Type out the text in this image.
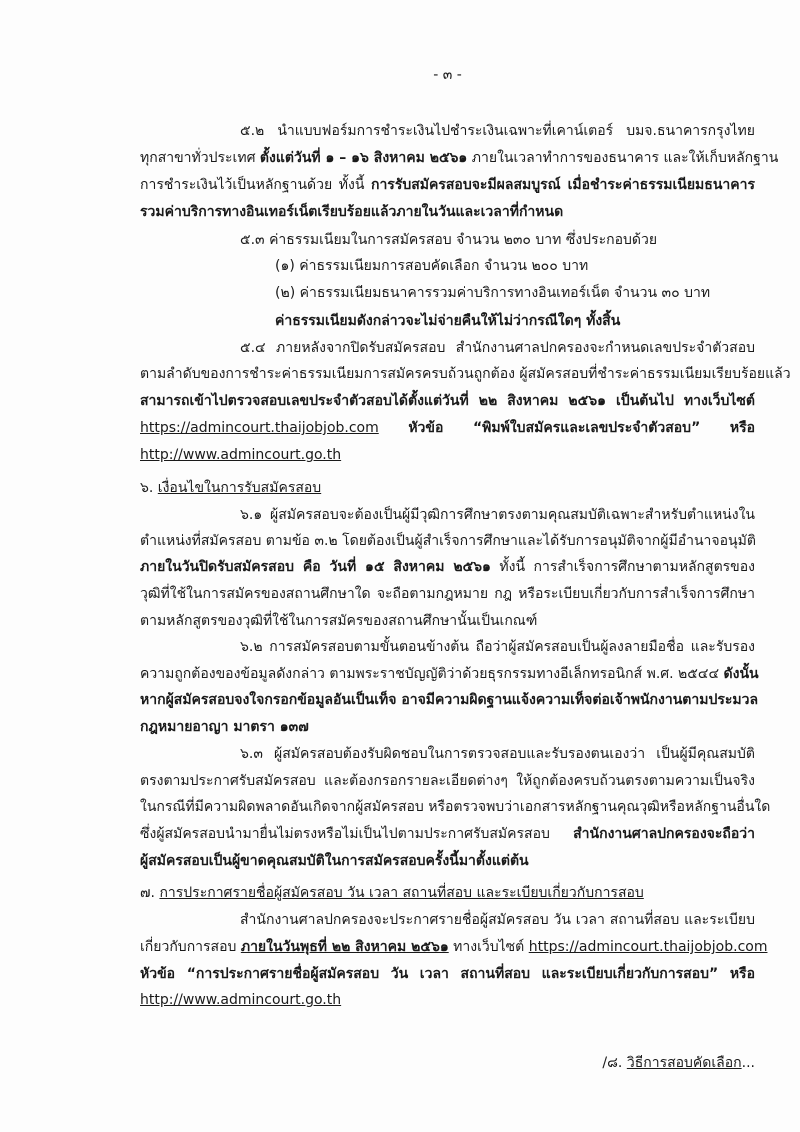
- ๓ -
๕.๒ นำแบบฟอร์มการชำระเงินไปชำระเงินเฉพาะที่เคาน์เตอร์ บมจ.ธนาคารกรุงไทย
ทุกสาขาทั่วประเทศ ตั้งแต่วันที่ ๑ – ๑๖ สิงหาคม ๒๕๖๑ ภายในเวลาทำการของธนาคาร และให้เก็บหลักฐาน
การชำระเงินไว้เป็นหลักฐานด้วย ทั้งนี้ การรับสมัครสอบจะมีผลสมบูรณ์ เมื่อชำระค่าธรรมเนียมธนาคาร
รวมค่าบริการทางอินเทอร์เน็ตเรียบร้อยแล้วภายในวันและเวลาที่กำหนด
๕.๓ ค่าธรรมเนียมในการสมัครสอบ จำนวน ๒๓๐ บาท ซึ่งประกอบด้วย
(๑) ค่าธรรมเนียมการสอบคัดเลือก จำนวน ๒๐๐ บาท
(๒) ค่าธรรมเนียมธนาคารรวมค่าบริการทางอินเทอร์เน็ต จำนวน ๓๐ บาท
ค่าธรรมเนียมดังกล่าวจะไม่จ่ายคืนให้ไม่ว่ากรณีใดๆ ทั้งสิ้น
๕.๔ ภายหลังจากปิดรับสมัครสอบ สำนักงานศาลปกครองจะกำหนดเลขประจำตัวสอบ
ตามลำดับของการชำระค่าธรรมเนียมการสมัครครบถ้วนถูกต้อง ผู้สมัครสอบที่ชำระค่าธรรมเนียมเรียบร้อยแล้ว
สามารถเข้าไปตรวจสอบเลขประจำตัวสอบได้ตั้งแต่วันที่ ๒๒ สิงหาคม ๒๕๖๑ เป็นต้นไป ทางเว็บไซต์
https://admincourt.thaijobjob.com หัวข้อ “พิมพ์ใบสมัครและเลขประจำตัวสอบ” หรือ
http://www.admincourt.go.th
๖. เงื่อนไขในการรับสมัครสอบ
๖.๑ ผู้สมัครสอบจะต้องเป็นผู้มีวุฒิการศึกษาตรงตามคุณสมบัติเฉพาะสำหรับตำแหน่งใน
ตำแหน่งที่สมัครสอบ ตามข้อ ๓.๒ โดยต้องเป็นผู้สำเร็จการศึกษาและได้รับการอนุมัติจากผู้มีอำนาจอนุมัติ
ภายในวันปิดรับสมัครสอบ คือ วันที่ ๑๕ สิงหาคม ๒๕๖๑ ทั้งนี้ การสำเร็จการศึกษาตามหลักสูตรของ
วุฒิที่ใช้ในการสมัครของสถานศึกษาใด จะถือตามกฎหมาย กฎ หรือระเบียบเกี่ยวกับการสำเร็จการศึกษา
ตามหลักสูตรของวุฒิที่ใช้ในการสมัครของสถานศึกษานั้นเป็นเกณฑ์
๖.๒ การสมัครสอบตามขั้นตอนข้างต้น ถือว่าผู้สมัครสอบเป็นผู้ลงลายมือชื่อ และรับรอง
ความถูกต้องของข้อมูลดังกล่าว ตามพระราชบัญญัติว่าด้วยธุรกรรมทางอีเล็กทรอนิกส์ พ.ศ. ๒๕๔๔ ดังนั้น
หากผู้สมัครสอบจงใจกรอกข้อมูลอันเป็นเท็จ อาจมีความผิดฐานแจ้งความเท็จต่อเจ้าพนักงานตามประมวล
กฎหมายอาญา มาตรา ๑๓๗
๖.๓ ผู้สมัครสอบต้องรับผิดชอบในการตรวจสอบและรับรองตนเองว่า เป็นผู้มีคุณสมบัติ
ตรงตามประกาศรับสมัครสอบ และต้องกรอกรายละเอียดต่างๆ ให้ถูกต้องครบถ้วนตรงตามความเป็นจริง
ในกรณีที่มีความผิดพลาดอันเกิดจากผู้สมัครสอบ หรือตรวจพบว่าเอกสารหลักฐานคุณวุฒิหรือหลักฐานอื่นใด
ซึ่งผู้สมัครสอบนำมายื่นไม่ตรงหรือไม่เป็นไปตามประกาศรับสมัครสอบ สำนักงานศาลปกครองจะถือว่า
ผู้สมัครสอบเป็นผู้ขาดคุณสมบัติในการสมัครสอบครั้งนี้มาตั้งแต่ต้น
๗. การประกาศรายชื่อผู้สมัครสอบ วัน เวลา สถานที่สอบ และระเบียบเกี่ยวกับการสอบ
สำนักงานศาลปกครองจะประกาศรายชื่อผู้สมัครสอบ วัน เวลา สถานที่สอบ และระเบียบ
เกี่ยวกับการสอบ ภายในวันพุธที่ ๒๒ สิงหาคม ๒๕๖๑ ทางเว็บไซต์ https://admincourt.thaijobjob.com
หัวข้อ “การประกาศรายชื่อผู้สมัครสอบ วัน เวลา สถานที่สอบ และระเบียบเกี่ยวกับการสอบ” หรือ
http://www.admincourt.go.th
/๘. วิธีการสอบคัดเลือก...
